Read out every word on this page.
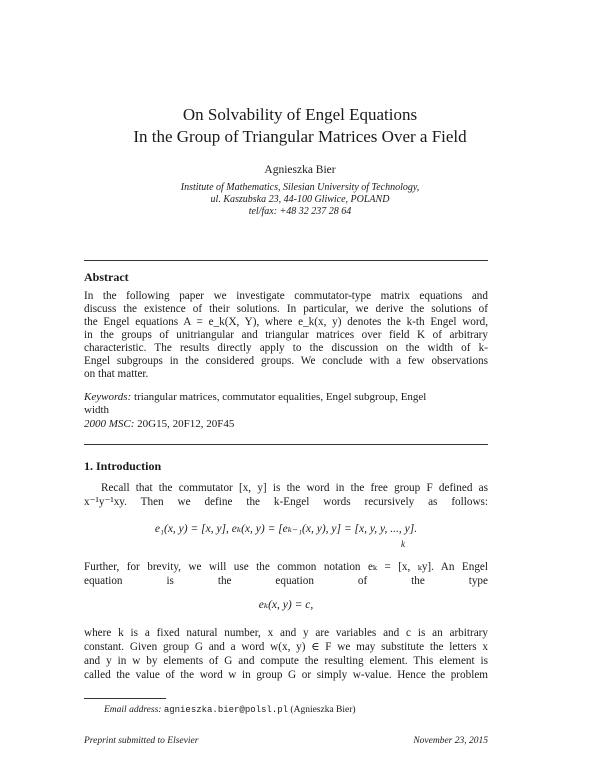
On Solvability of Engel Equations
In the Group of Triangular Matrices Over a Field
Agnieszka Bier
Institute of Mathematics, Silesian University of Technology,
ul. Kaszubska 23, 44-100 Gliwice, POLAND
tel/fax: +48 32 237 28 64
Abstract
In the following paper we investigate commutator-type matrix equations and
discuss the existence of their solutions. In particular, we derive the solutions of
the Engel equations A = e_k(X, Y), where e_k(x, y) denotes the k-th Engel word,
in the groups of unitriangular and triangular matrices over field K of arbitrary
characteristic. The results directly apply to the discussion on the width of k-
Engel subgroups in the considered groups. We conclude with a few observations
on that matter.
Keywords: triangular matrices, commutator equalities, Engel subgroup, Engel
width
2000 MSC: 20G15, 20F12, 20F45
1. Introduction
Recall that the commutator [x, y] is the word in the free group F defined as
x⁻¹y⁻¹xy. Then we define the k-Engel words recursively as follows:
e₁(x, y) = [x, y], eₖ(x, y) = [eₖ₋₁(x, y), y] = [x, y, y, ..., y].
k
Further, for brevity, we will use the common notation eₖ = [x, ₖy]. An Engel
equation is the equation of the type
eₖ(x, y) = c,
where k is a fixed natural number, x and y are variables and c is an arbitrary
constant. Given group G and a word w(x, y) ∈ F we may substitute the letters x
and y in w by elements of G and compute the resulting element. This element is
called the value of the word w in group G or simply w-value. Hence the problem
Email address: agnieszka.bier@polsl.pl (Agnieszka Bier)
Preprint submitted to Elsevier	November 23, 2015
